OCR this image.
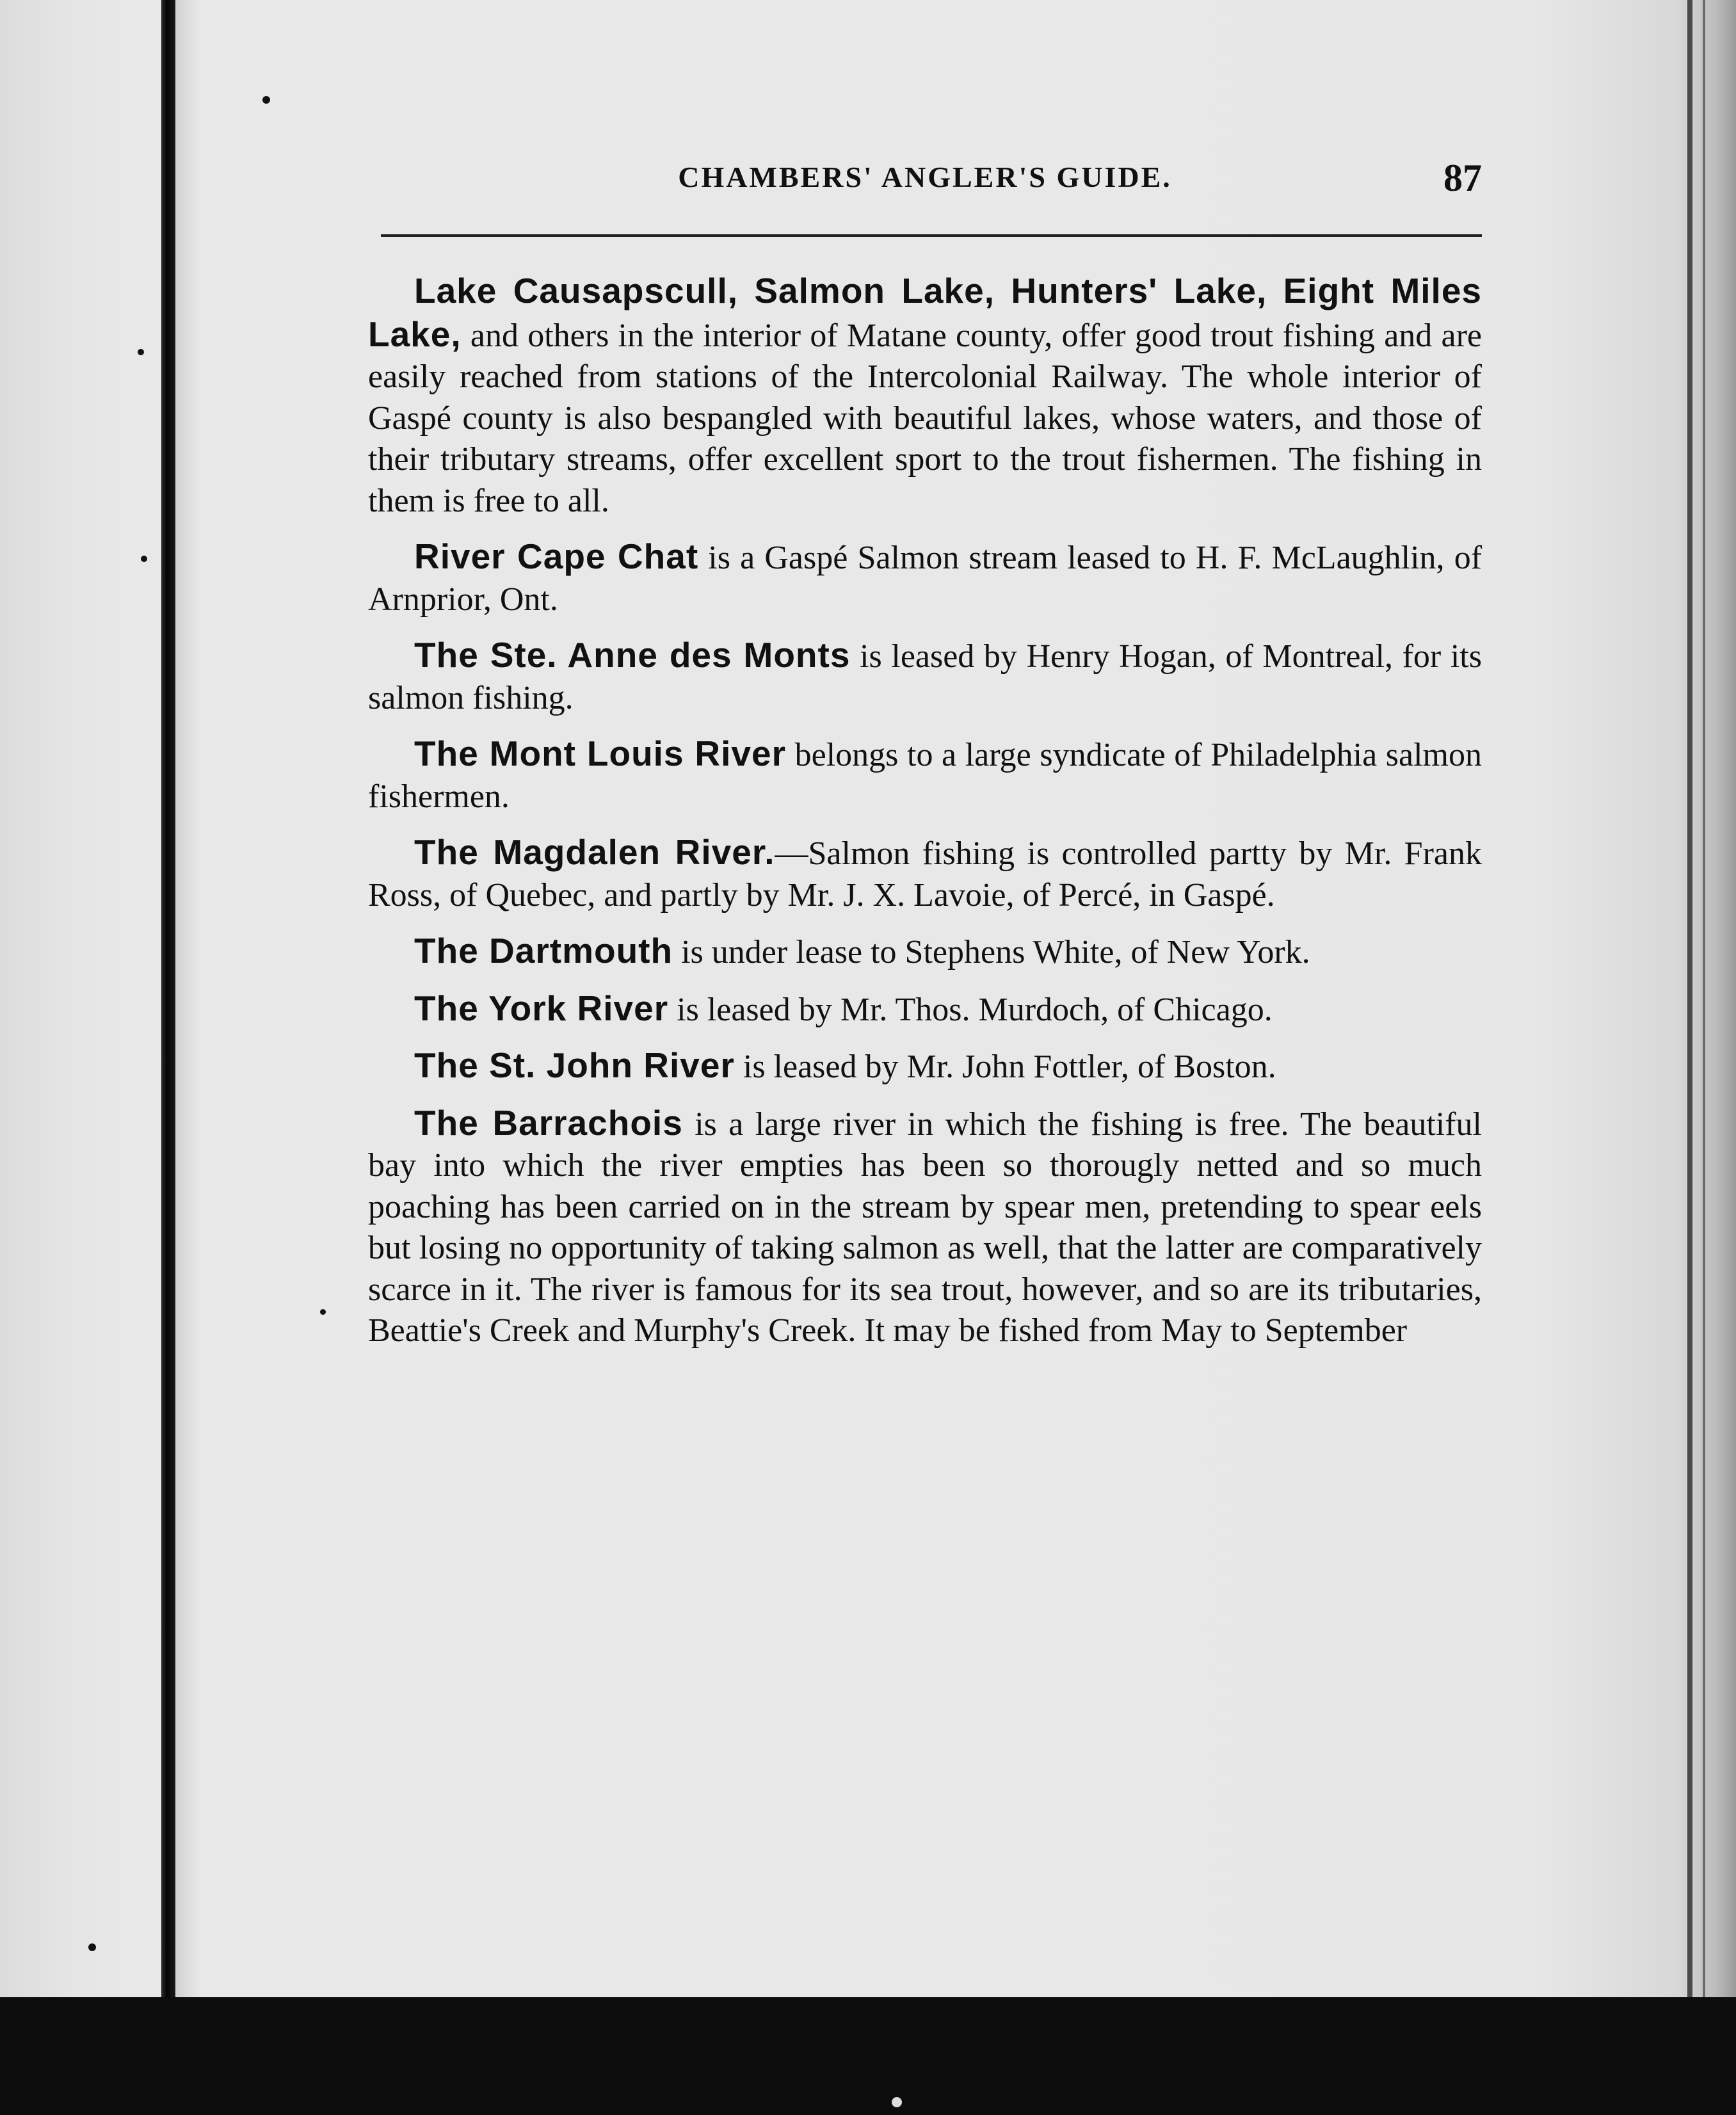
CHAMBERS' ANGLER'S GUIDE.	87

Lake Causapscull, Salmon Lake, Hunters' Lake, Eight Miles Lake, and others in the interior of Matane county, offer good trout fishing and are easily reached from stations of the Intercolonial Railway. The whole interior of Gaspé county is also bespangled with beautiful lakes, whose waters, and those of their tributary streams, offer excellent sport to the trout fishermen. The fishing in them is free to all.

River Cape Chat is a Gaspé Salmon stream leased to H. F. McLaughlin, of Arnprior, Ont.

The Ste. Anne des Monts is leased by Henry Hogan, of Montreal, for its salmon fishing.

The Mont Louis River belongs to a large syndicate of Philadelphia salmon fishermen.

The Magdalen River.—Salmon fishing is controlled partty by Mr. Frank Ross, of Quebec, and partly by Mr. J. X. Lavoie, of Percé, in Gaspé.

The Dartmouth is under lease to Stephens White, of New York.

The York River is leased by Mr. Thos. Murdoch, of Chicago.

The St. John River is leased by Mr. John Fottler, of Boston.

The Barrachois is a large river in which the fishing is free. The beautiful bay into which the river empties has been so thorougly netted and so much poaching has been carried on in the stream by spear men, pretending to spear eels but losing no opportunity of taking salmon as well, that the latter are comparatively scarce in it. The river is famous for its sea trout, however, and so are its tributaries, Beattie's Creek and Murphy's Creek. It may be fished from May to September
